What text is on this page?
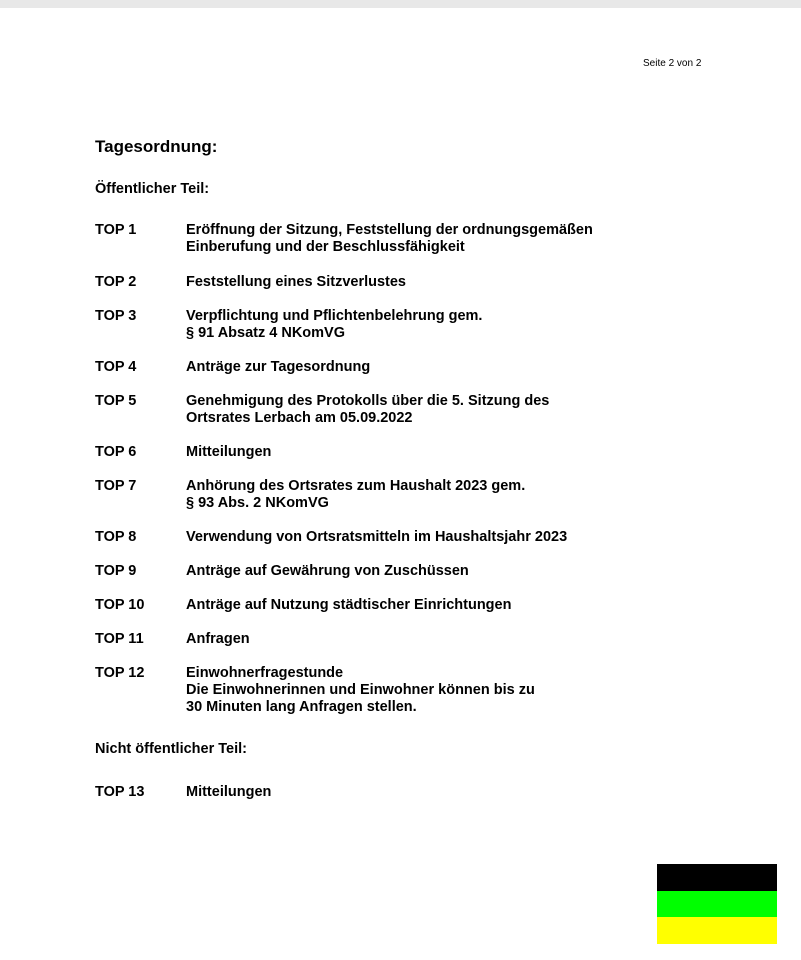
Seite 2 von 2
Tagesordnung:
Öffentlicher Teil:
TOP 1	Eröffnung der Sitzung, Feststellung der ordnungsgemäßen
Einberufung und der Beschlussfähigkeit
TOP 2	Feststellung eines Sitzverlustes
TOP 3	Verpflichtung und Pflichtenbelehrung gem.
§ 91 Absatz 4 NKomVG
TOP 4	Anträge zur Tagesordnung
TOP 5	Genehmigung des Protokolls über die 5. Sitzung des
Ortsrates Lerbach am 05.09.2022
TOP 6	Mitteilungen
TOP 7	Anhörung des Ortsrates zum Haushalt 2023 gem.
§ 93 Abs. 2 NKomVG
TOP 8	Verwendung von Ortsratsmitteln im Haushaltsjahr 2023
TOP 9	Anträge auf Gewährung von Zuschüssen
TOP 10	Anträge auf Nutzung städtischer Einrichtungen
TOP 11	Anfragen
TOP 12	Einwohnerfragestunde
Die Einwohnerinnen und Einwohner können bis zu
30 Minuten lang Anfragen stellen.
Nicht öffentlicher Teil:
TOP 13	Mitteilungen
